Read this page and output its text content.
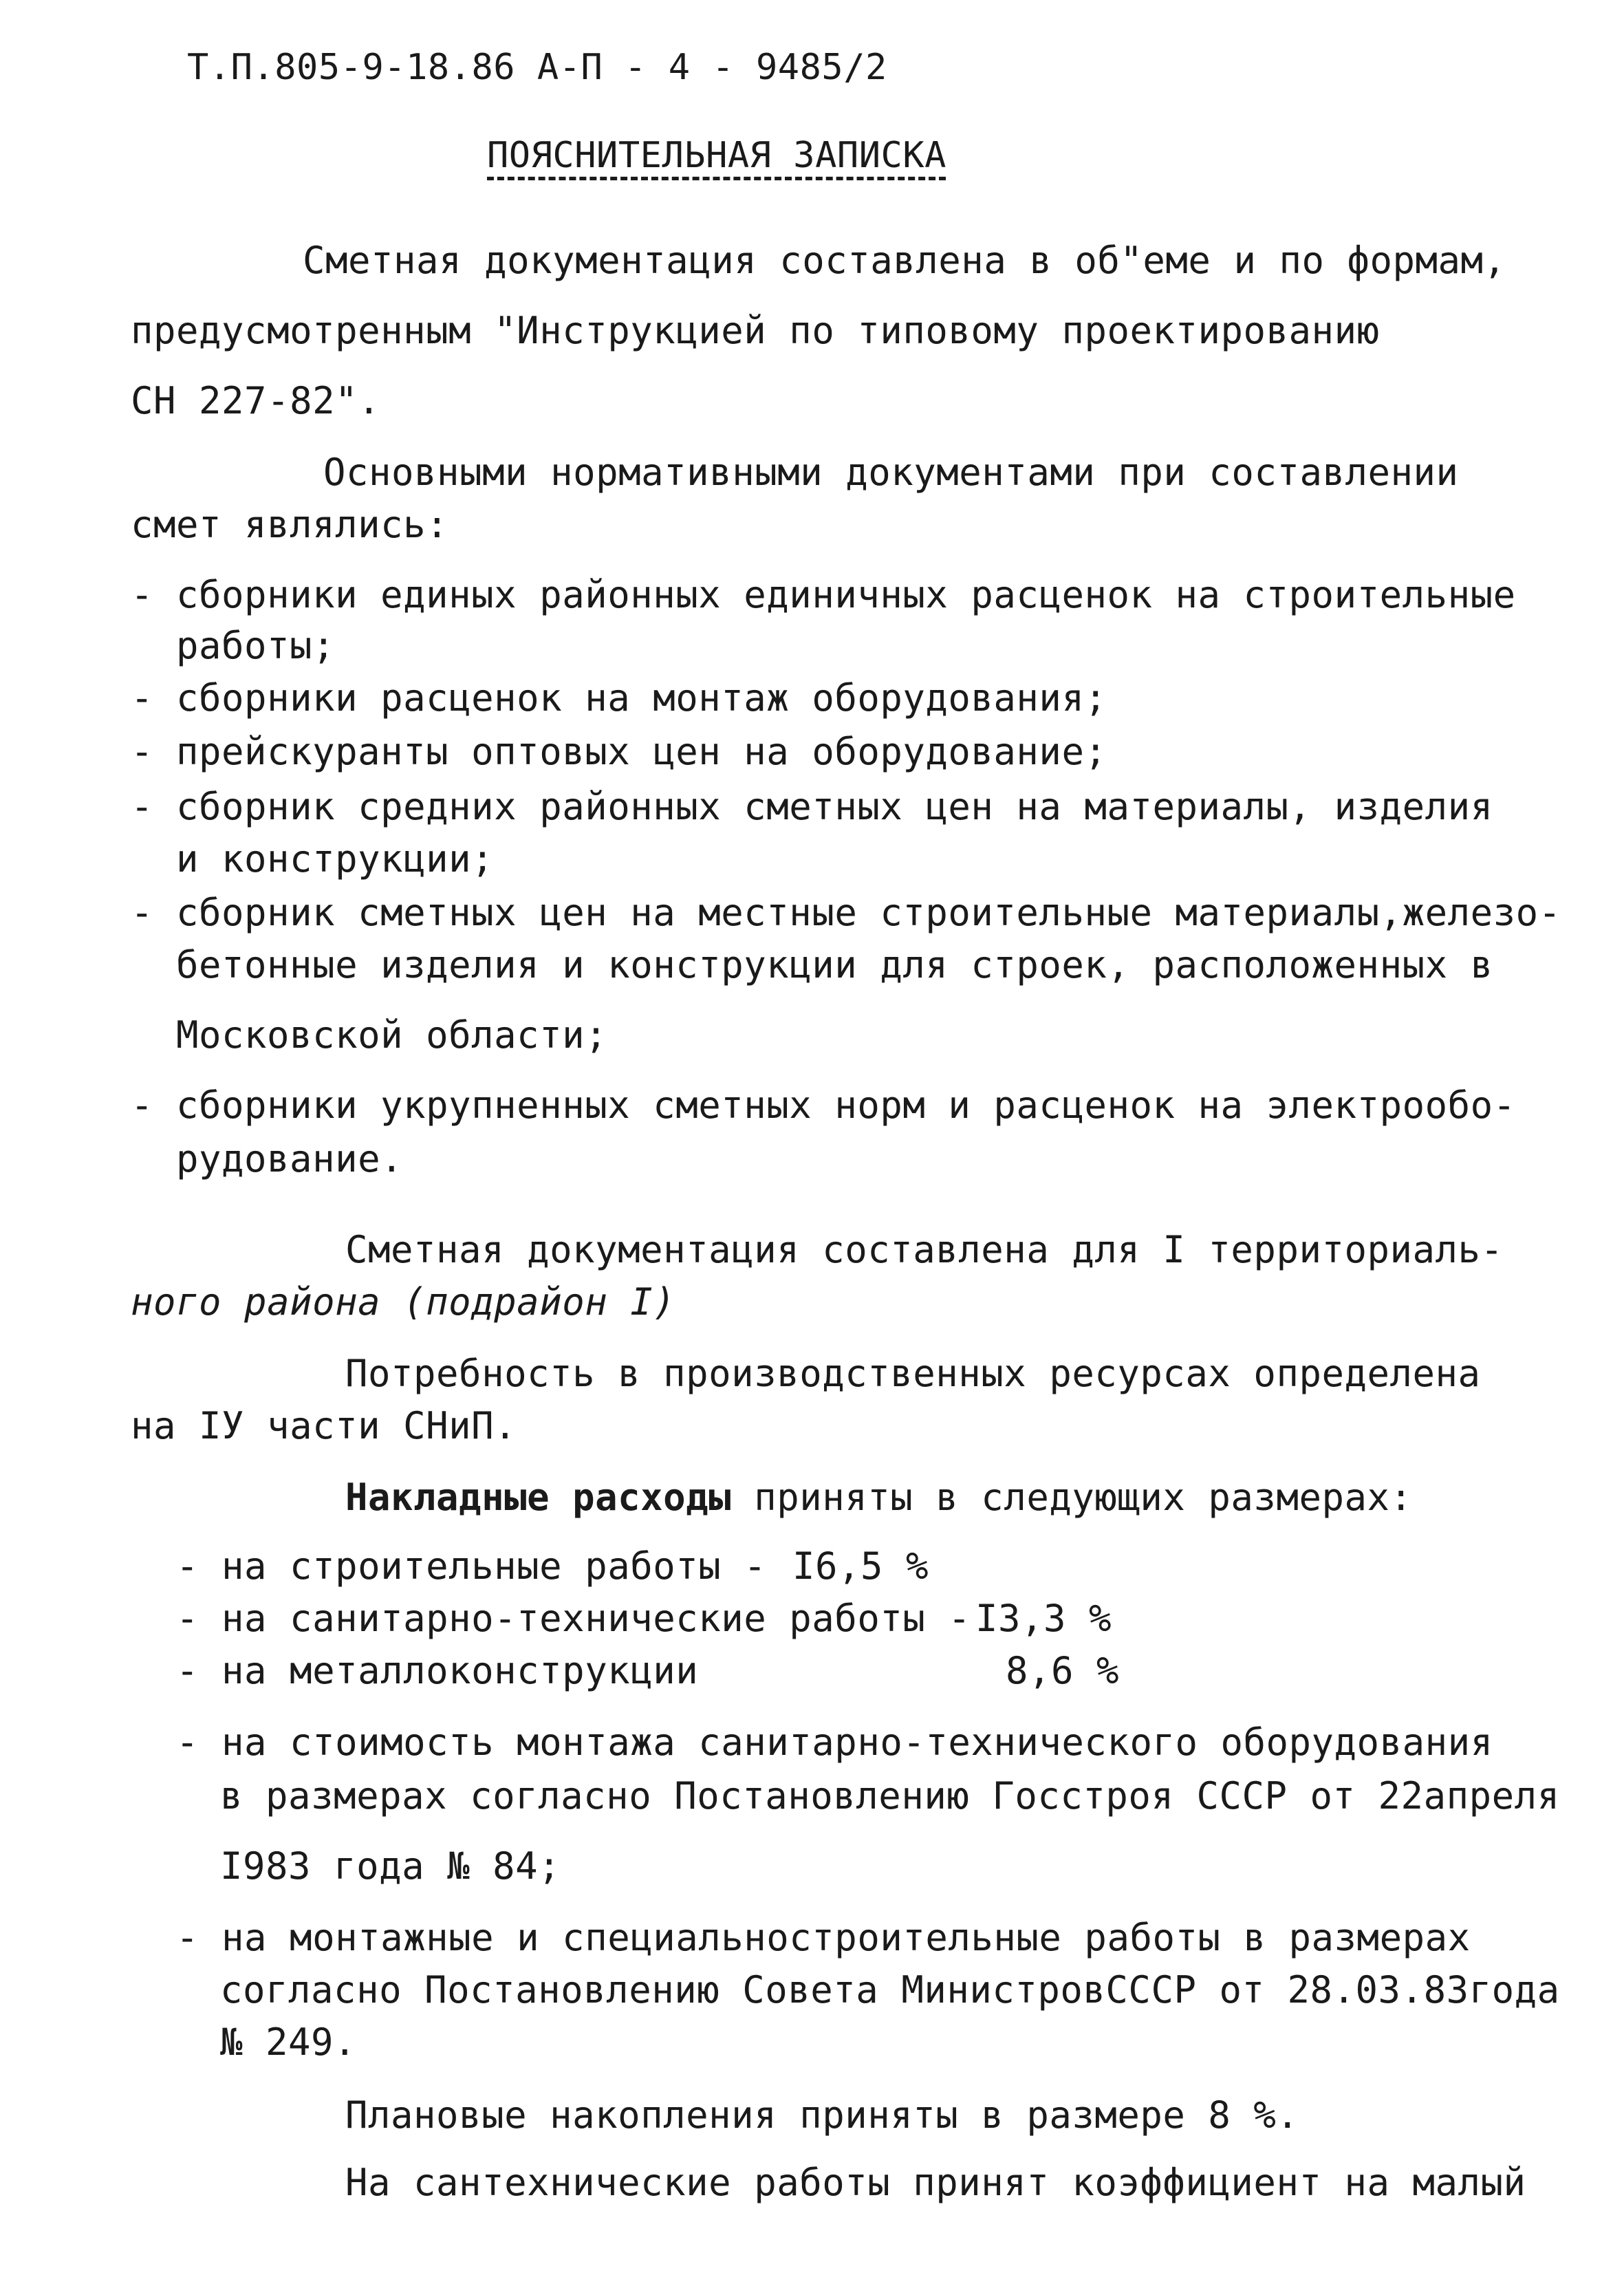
Т.П.805-9-18.86 А-П - 4 - 9485/2

ПОЯСНИТЕЛЬНАЯ ЗАПИСКА

Сметная документация составлена в об"еме и по формам,

предусмотренным "Инструкцией по типовому проектированию

СН 227-82".

Основными нормативными документами при составлении

смет являлись:

- сборники единых районных единичных расценок на строительные

работы;

- сборники расценок на монтаж оборудования;

- прейскуранты оптовых цен на оборудование;

- сборник средних районных сметных цен на материалы, изделия

и конструкции;

- сборник сметных цен на местные строительные материалы,железо-

бетонные изделия и конструкции для строек, расположенных в

Московской области;

- сборники укрупненных сметных норм и расценок на электрообо-

рудование.

Сметная документация составлена для I территориаль-

ного района (подрайон I)

Потребность в производственных ресурсах определена

на IУ части СНиП.

Накладные расходы приняты в следующих размерах:

- на строительные работы - I6,5 %

- на санитарно-технические работы - I3,3 %

- на металлоконструкции	8,6 %

- на стоимость монтажа санитарно-технического оборудования

в размерах согласно Постановлению Госстроя СССР от 22апреля

I983 года № 84;

- на монтажные и специальностроительные работы в размерах

согласно Постановлению Совета МинистровСССР от 28.03.83года

№ 249.

Плановые накопления приняты в размере 8 %.

На сантехнические работы принят коэффициент на малый
